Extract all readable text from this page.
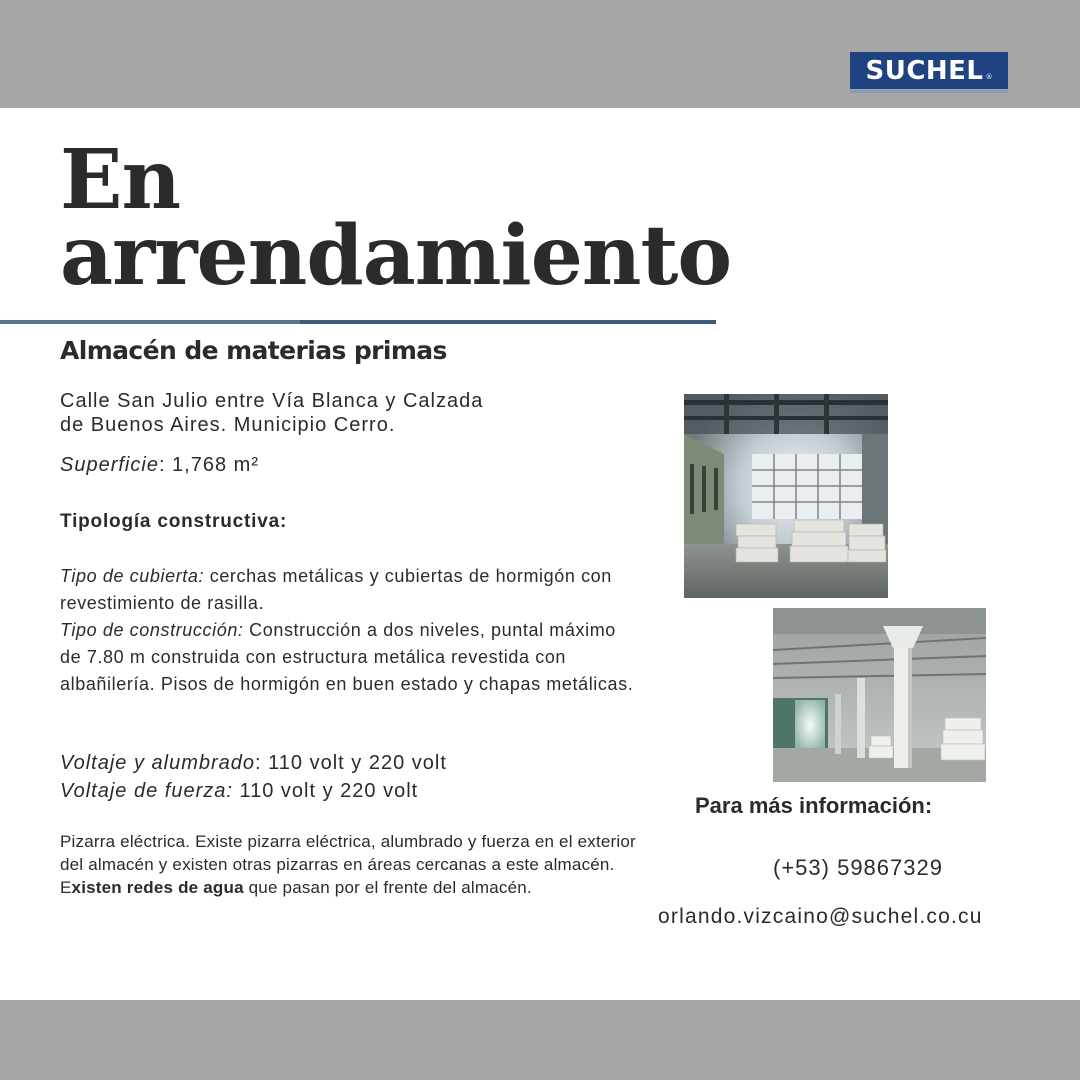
SUCHEL ®
En
arrendamiento
Almacén de materias primas
Calle San Julio entre Vía Blanca y Calzada
de Buenos Aires. Municipio Cerro.
Superficie: 1,768 m²
Tipología constructiva:
Tipo de cubierta: cerchas metálicas y cubiertas de hormigón con revestimiento de rasilla.
Tipo de construcción: Construcción a dos niveles, puntal máximo de 7.80 m construida con estructura metálica revestida con albañilería. Pisos de hormigón en buen estado y chapas metálicas.
Voltaje y alumbrado: 110 volt y 220 volt
Voltaje de fuerza: 110 volt y 220 volt
Pizarra eléctrica. Existe pizarra eléctrica, alumbrado y fuerza en el exterior del almacén y existen otras pizarras en áreas cercanas a este almacén.
Existen redes de agua que pasan por el frente del almacén.
Para más información:
(+53) 59867329
orlando.vizcaino@suchel.co.cu
